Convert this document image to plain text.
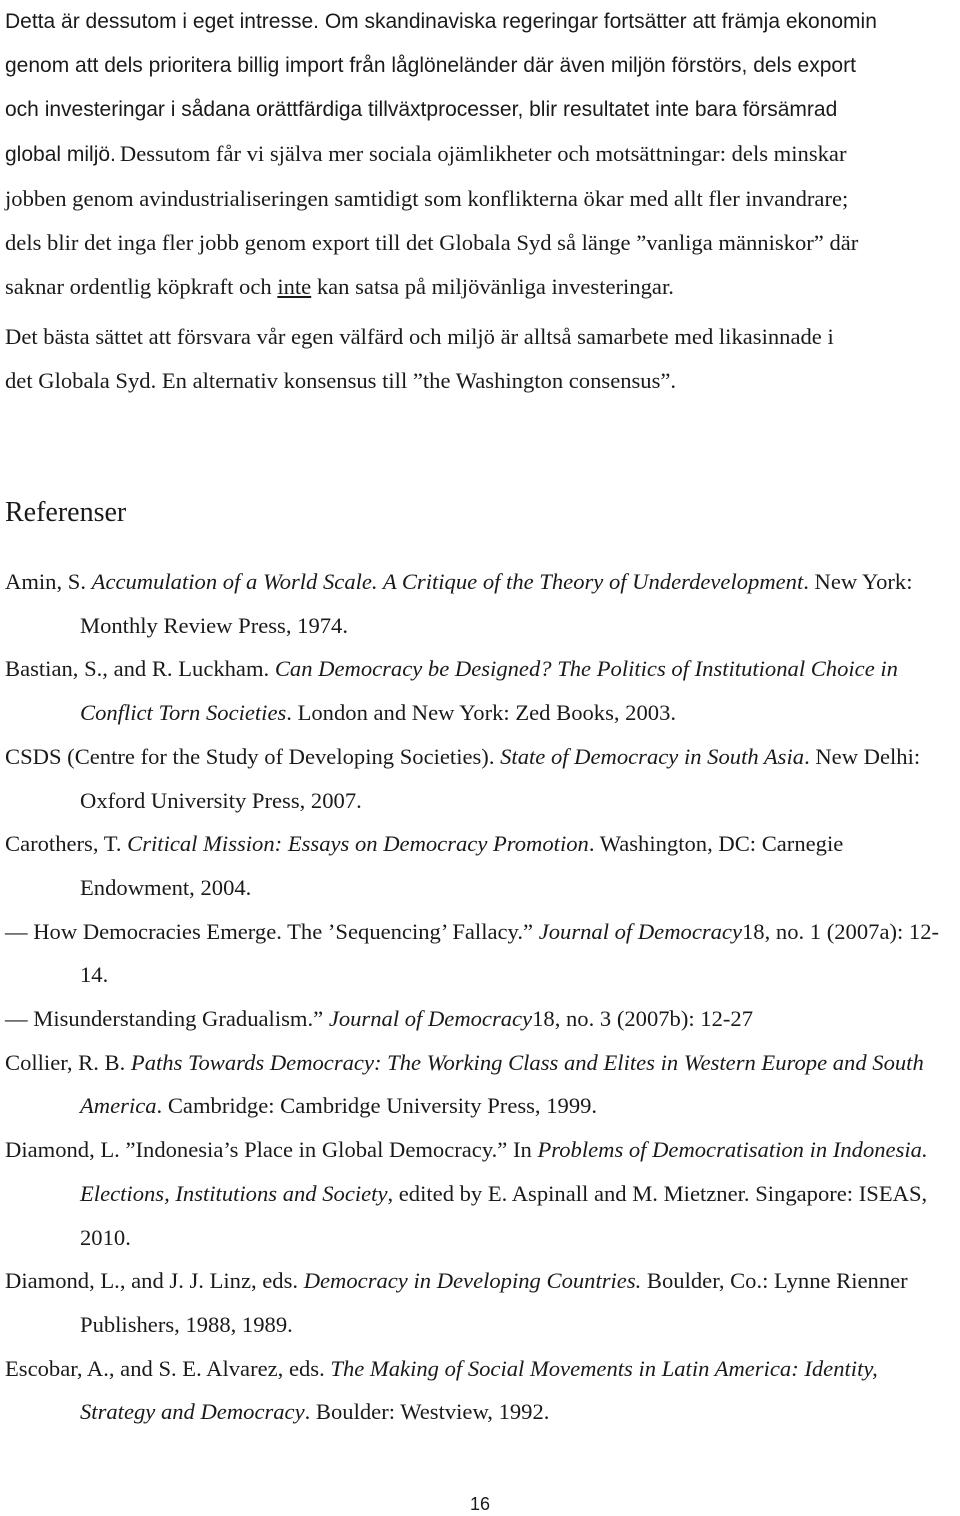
Detta är dessutom i eget intresse. Om skandinaviska regeringar fortsätter att främja ekonomin
genom att dels prioritera billig import från låglöneländer där även miljön förstörs, dels export
och investeringar i sådana orättfärdiga tillväxtprocesser, blir resultatet inte bara försämrad
global miljö. Dessutom får vi själva mer sociala ojämlikheter och motsättningar: dels minskar
jobben genom avindustrialiseringen samtidigt som konflikterna ökar med allt fler invandrare;
dels blir det inga fler jobb genom export till det Globala Syd så länge ”vanliga människor” där
saknar ordentlig köpkraft och inte kan satsa på miljövänliga investeringar.

Det bästa sättet att försvara vår egen välfärd och miljö är alltså samarbete med likasinnade i
det Globala Syd. En alternativ konsensus till ”the Washington consensus”.

Referenser
Amin, S. Accumulation of a World Scale. A Critique of the Theory of Underdevelopment. New York: Monthly Review Press, 1974.
Bastian, S., and R. Luckham. Can Democracy be Designed? The Politics of Institutional Choice in Conflict Torn Societies. London and New York: Zed Books, 2003.
CSDS (Centre for the Study of Developing Societies). State of Democracy in South Asia. New Delhi: Oxford University Press, 2007.
Carothers, T. Critical Mission: Essays on Democracy Promotion. Washington, DC: Carnegie Endowment, 2004.
— How Democracies Emerge. The ’Sequencing’ Fallacy.” Journal of Democracy18, no. 1 (2007a): 12-14.
— Misunderstanding Gradualism.” Journal of Democracy18, no. 3 (2007b): 12-27
Collier, R. B. Paths Towards Democracy: The Working Class and Elites in Western Europe and South America. Cambridge: Cambridge University Press, 1999.
Diamond, L. ”Indonesia’s Place in Global Democracy.” In Problems of Democratisation in Indonesia. Elections, Institutions and Society, edited by E. Aspinall and M. Mietzner. Singapore: ISEAS, 2010.
Diamond, L., and J. J. Linz, eds. Democracy in Developing Countries. Boulder, Co.: Lynne Rienner Publishers, 1988, 1989.
Escobar, A., and S. E. Alvarez, eds. The Making of Social Movements in Latin America: Identity, Strategy and Democracy. Boulder: Westview, 1992.
16
